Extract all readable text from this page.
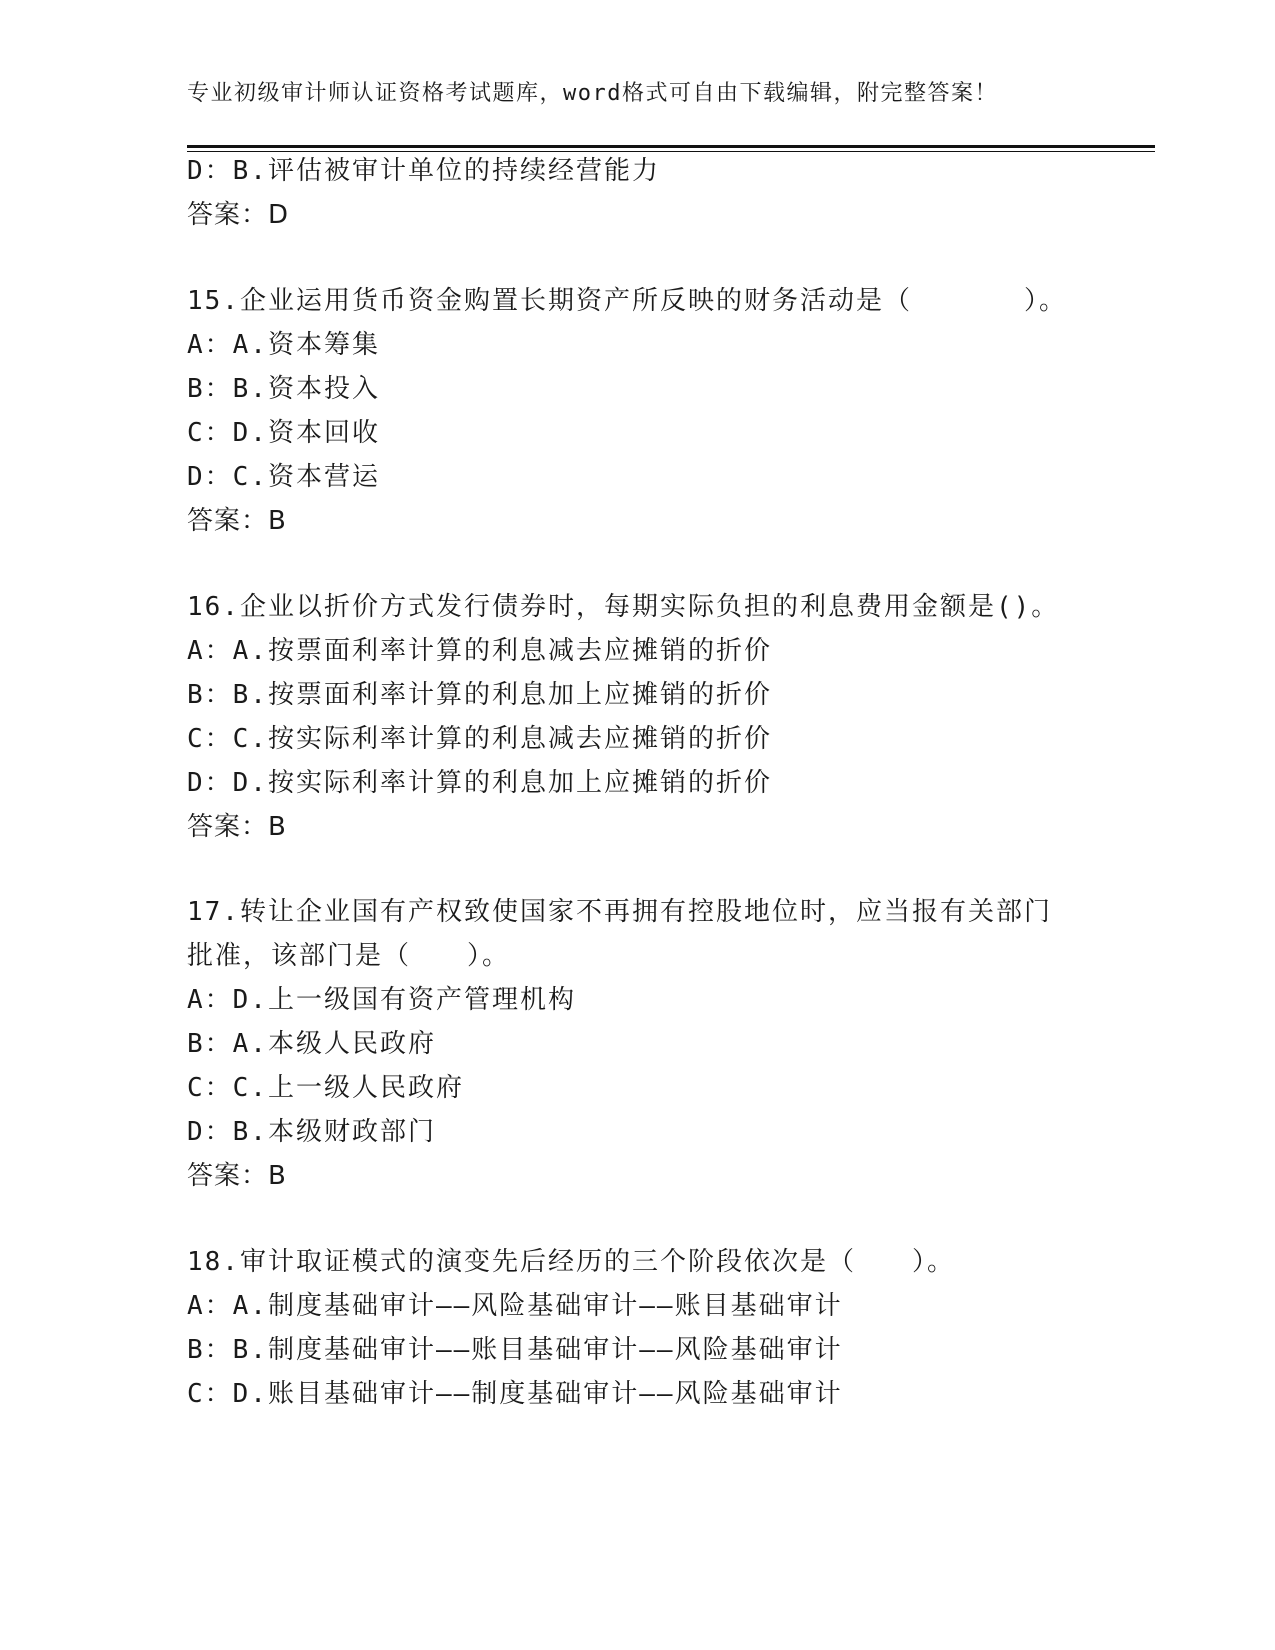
专业初级审计师认证资格考试题库，word格式可自由下载编辑，附完整答案！
D：B.评估被审计单位的持续经营能力
答案：D
15.企业运用货币资金购置长期资产所反映的财务活动是（　　　　）。
A：A.资本筹集
B：B.资本投入
C：D.资本回收
D：C.资本营运
答案：B
16.企业以折价方式发行债券时，每期实际负担的利息费用金额是()。
A：A.按票面利率计算的利息减去应摊销的折价
B：B.按票面利率计算的利息加上应摊销的折价
C：C.按实际利率计算的利息减去应摊销的折价
D：D.按实际利率计算的利息加上应摊销的折价
答案：B
17.转让企业国有产权致使国家不再拥有控股地位时，应当报有关部门
批准，该部门是（　　）。
A：D.上一级国有资产管理机构
B：A.本级人民政府
C：C.上一级人民政府
D：B.本级财政部门
答案：B
18.审计取证模式的演变先后经历的三个阶段依次是（　　）。
A：A.制度基础审计——风险基础审计——账目基础审计
B：B.制度基础审计——账目基础审计——风险基础审计
C：D.账目基础审计——制度基础审计——风险基础审计
